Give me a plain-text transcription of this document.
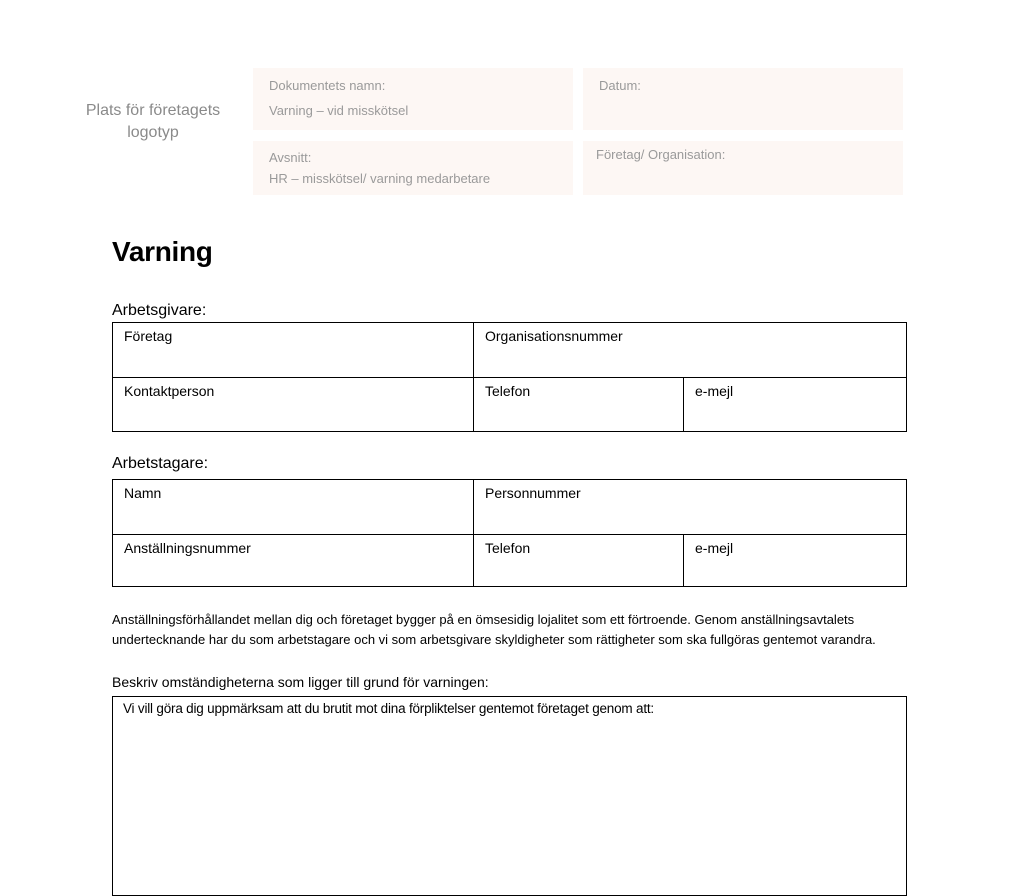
Plats för företagets logotyp
Dokumentets namn:
Varning – vid misskötsel
Datum:
Avsnitt:
HR – misskötsel/ varning medarbetare
Företag/ Organisation:
Varning

Arbetsgivare:

Företag	Organisationsnummer
Kontaktperson	Telefon	e-mejl

Arbetstagare:

Namn	Personnummer
Anställningsnummer	Telefon	e-mejl

Anställningsförhållandet mellan dig och företaget bygger på en ömsesidig lojalitet som ett förtroende. Genom anställningsavtalets undertecknande har du som arbetstagare och vi som arbetsgivare skyldigheter som rättigheter som ska fullgöras gentemot varandra.

Beskriv omständigheterna som ligger till grund för varningen:

Vi vill göra dig uppmärksam att du brutit mot dina förpliktelser gentemot företaget genom att:
